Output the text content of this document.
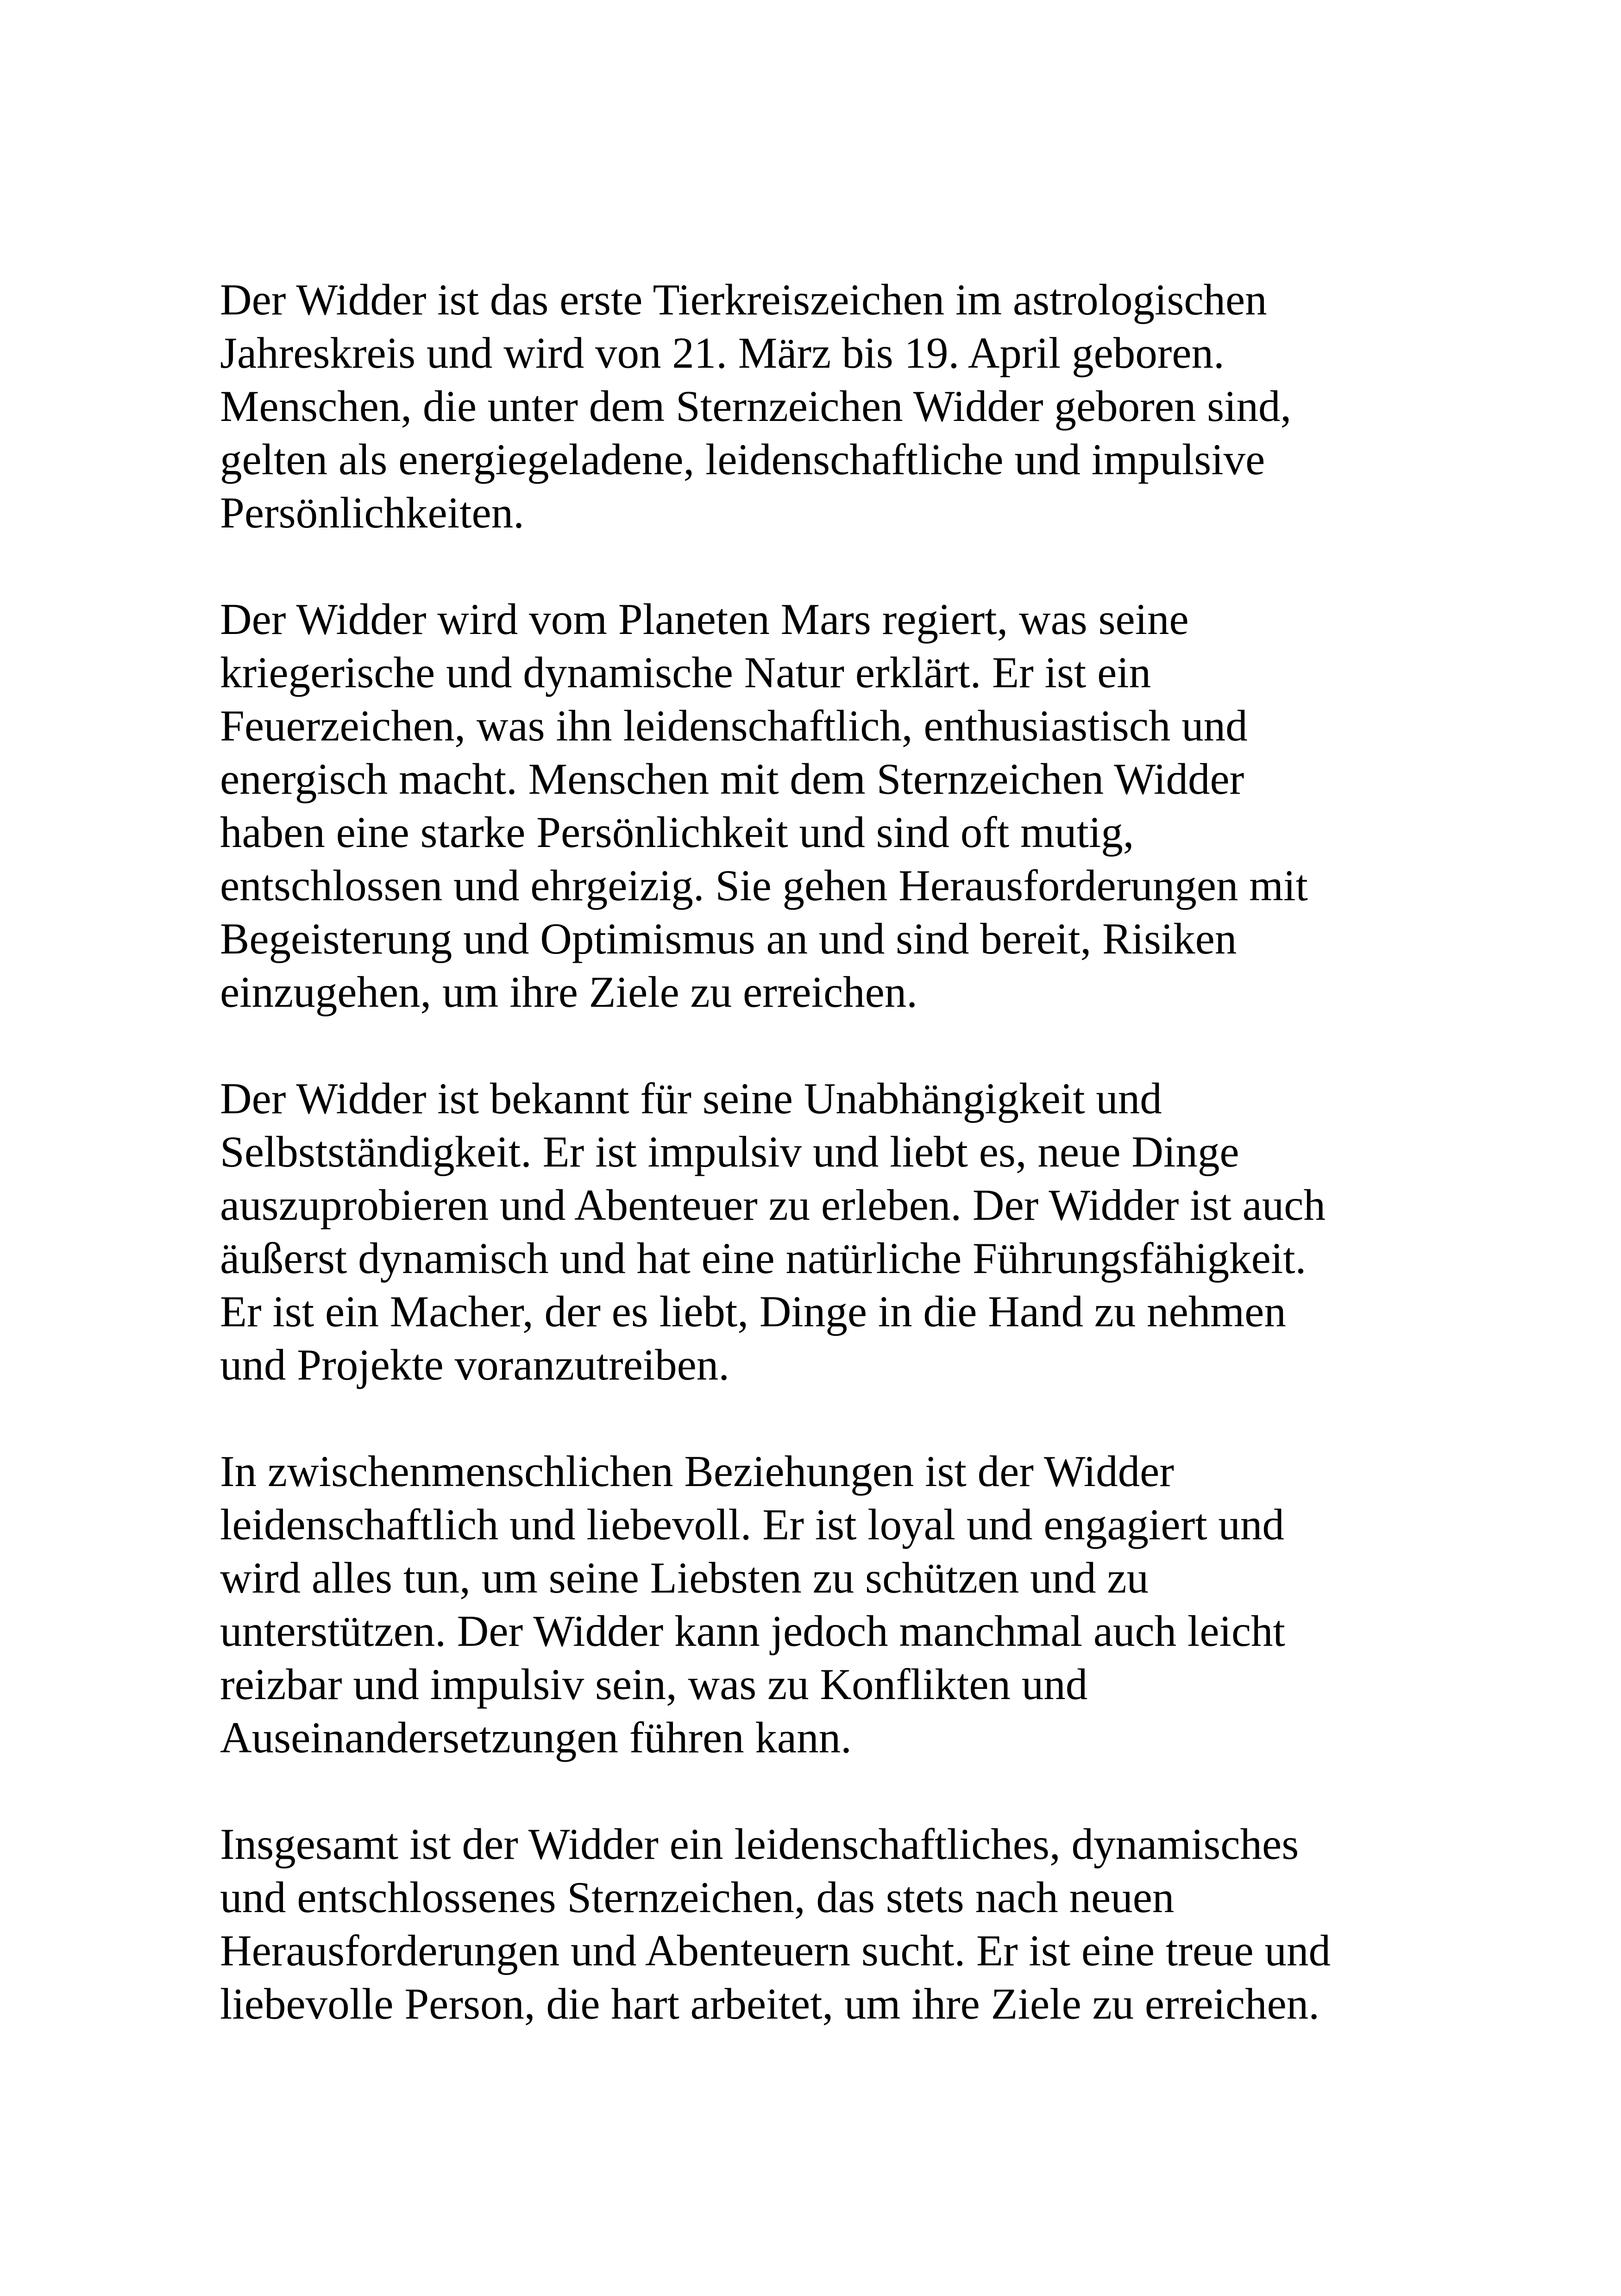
Der Widder ist das erste Tierkreiszeichen im astrologischen
Jahreskreis und wird von 21. März bis 19. April geboren.
Menschen, die unter dem Sternzeichen Widder geboren sind,
gelten als energiegeladene, leidenschaftliche und impulsive
Persönlichkeiten.

Der Widder wird vom Planeten Mars regiert, was seine
kriegerische und dynamische Natur erklärt. Er ist ein
Feuerzeichen, was ihn leidenschaftlich, enthusiastisch und
energisch macht. Menschen mit dem Sternzeichen Widder
haben eine starke Persönlichkeit und sind oft mutig,
entschlossen und ehrgeizig. Sie gehen Herausforderungen mit
Begeisterung und Optimismus an und sind bereit, Risiken
einzugehen, um ihre Ziele zu erreichen.

Der Widder ist bekannt für seine Unabhängigkeit und
Selbstständigkeit. Er ist impulsiv und liebt es, neue Dinge
auszuprobieren und Abenteuer zu erleben. Der Widder ist auch
äußerst dynamisch und hat eine natürliche Führungsfähigkeit.
Er ist ein Macher, der es liebt, Dinge in die Hand zu nehmen
und Projekte voranzutreiben.

In zwischenmenschlichen Beziehungen ist der Widder
leidenschaftlich und liebevoll. Er ist loyal und engagiert und
wird alles tun, um seine Liebsten zu schützen und zu
unterstützen. Der Widder kann jedoch manchmal auch leicht
reizbar und impulsiv sein, was zu Konflikten und
Auseinandersetzungen führen kann.

Insgesamt ist der Widder ein leidenschaftliches, dynamisches
und entschlossenes Sternzeichen, das stets nach neuen
Herausforderungen und Abenteuern sucht. Er ist eine treue und
liebevolle Person, die hart arbeitet, um ihre Ziele zu erreichen.
